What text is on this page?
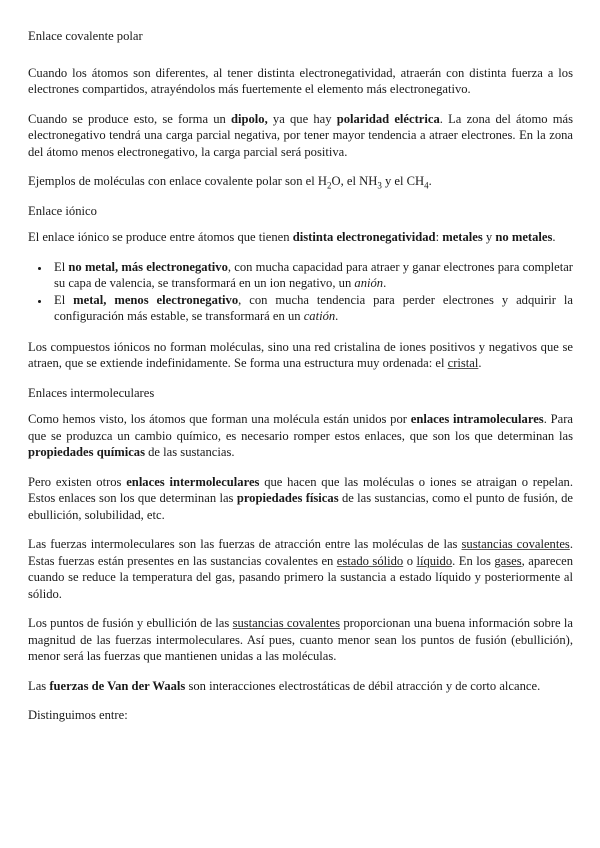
Enlace covalente polar
Cuando los átomos son diferentes, al tener distinta electronegatividad, atraerán con distinta fuerza a los electrones compartidos, atrayéndolos más fuertemente el elemento más electronegativo.
Cuando se produce esto, se forma un dipolo, ya que hay polaridad eléctrica. La zona del átomo más electronegativo tendrá una carga parcial negativa, por tener mayor tendencia a atraer electrones. En la zona del átomo menos electronegativo, la carga parcial será positiva.
Ejemplos de moléculas con enlace covalente polar son el $H_2O$, el $NH_3$ y el $CH_4$.
Enlace iónico
El enlace iónico se produce entre átomos que tienen distinta electronegatividad: metales y no metales.
• El no metal, más electronegativo, con mucha capacidad para atraer y ganar electrones para completar su capa de valencia, se transformará en un ion negativo, un anión.
• El metal, menos electronegativo, con mucha tendencia para perder electrones y adquirir la configuración más estable, se transformará en un catión.
Los compuestos iónicos no forman moléculas, sino una red cristalina de iones positivos y negativos que se atraen, que se extiende indefinidamente. Se forma una estructura muy ordenada: el cristal.
Enlaces intermoleculares
Como hemos visto, los átomos que forman una molécula están unidos por enlaces intramoleculares. Para que se produzca un cambio químico, es necesario romper estos enlaces, que son los que determinan las propiedades químicas de las sustancias.
Pero existen otros enlaces intermoleculares que hacen que las moléculas o iones se atraigan o repelan. Estos enlaces son los que determinan las propiedades físicas de las sustancias, como el punto de fusión, de ebullición, solubilidad, etc.
Las fuerzas intermoleculares son las fuerzas de atracción entre las moléculas de las sustancias covalentes. Estas fuerzas están presentes en las sustancias covalentes en estado sólido o líquido. En los gases, aparecen cuando se reduce la temperatura del gas, pasando primero la sustancia a estado líquido y posteriormente al sólido.
Los puntos de fusión y ebullición de las sustancias covalentes proporcionan una buena información sobre la magnitud de las fuerzas intermoleculares. Así pues, cuanto menor sean los puntos de fusión (ebullición), menor será las fuerzas que mantienen unidas a las moléculas.
Las fuerzas de Van der Waals son interacciones electrostáticas de débil atracción y de corto alcance.
Distinguimos entre:
